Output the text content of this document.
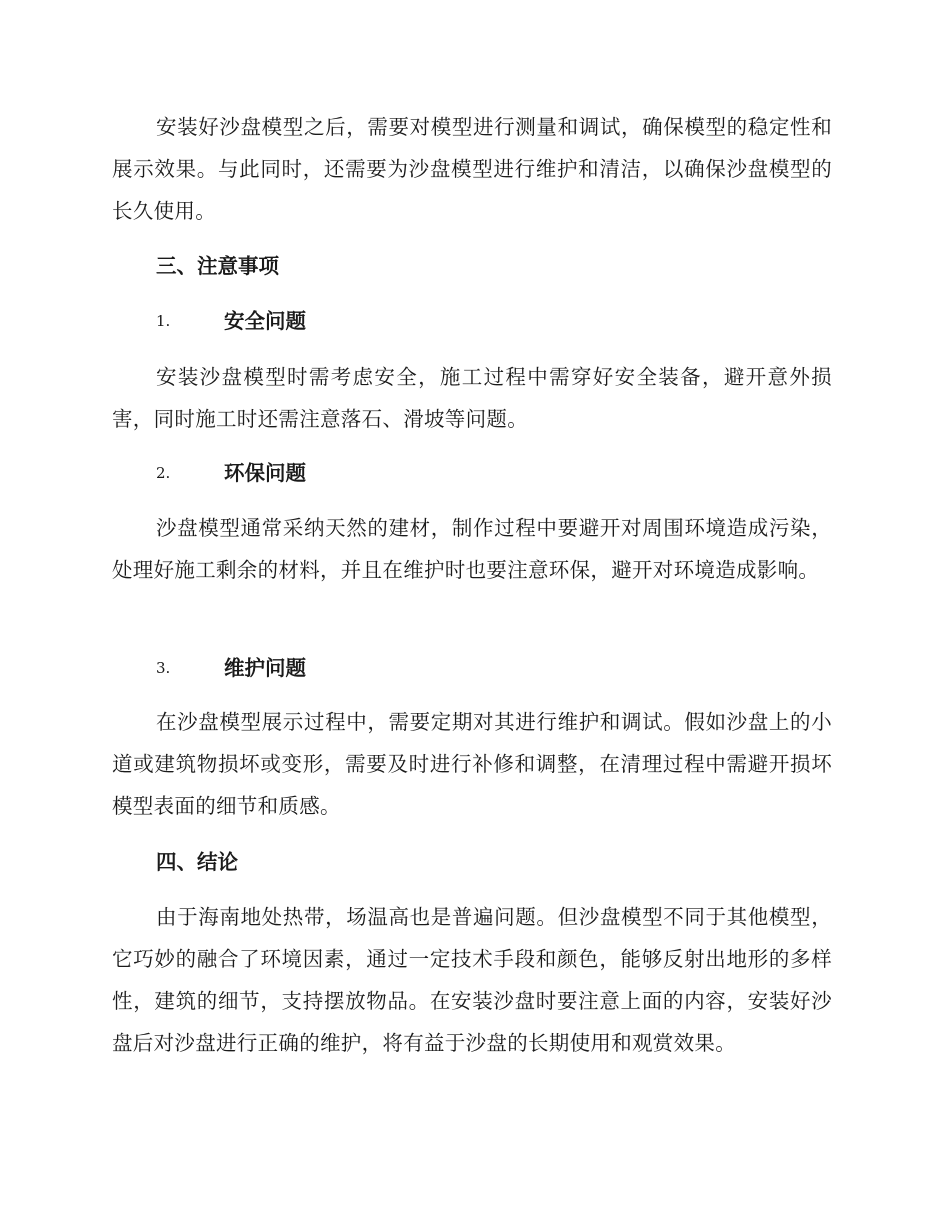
安装好沙盘模型之后，需要对模型进行测量和调试，确保模型的稳定性和展示效果。与此同时，还需要为沙盘模型进行维护和清洁，以确保沙盘模型的长久使用。

三、注意事项
1.	安全问题

安装沙盘模型时需考虑安全，施工过程中需穿好安全装备，避开意外损害，同时施工时还需注意落石、滑坡等问题。

2.	环保问题

沙盘模型通常采纳天然的建材，制作过程中要避开对周围环境造成污染，处理好施工剩余的材料，并且在维护时也要注意环保，避开对环境造成影响。

3.	维护问题

在沙盘模型展示过程中，需要定期对其进行维护和调试。假如沙盘上的小道或建筑物损坏或变形，需要及时进行补修和调整，在清理过程中需避开损坏模型表面的细节和质感。

四、结论

由于海南地处热带，场温高也是普遍问题。但沙盘模型不同于其他模型，它巧妙的融合了环境因素，通过一定技术手段和颜色，能够反射出地形的多样性，建筑的细节，支持摆放物品。在安装沙盘时要注意上面的内容，安装好沙盘后对沙盘进行正确的维护，将有益于沙盘的长期使用和观赏效果。
